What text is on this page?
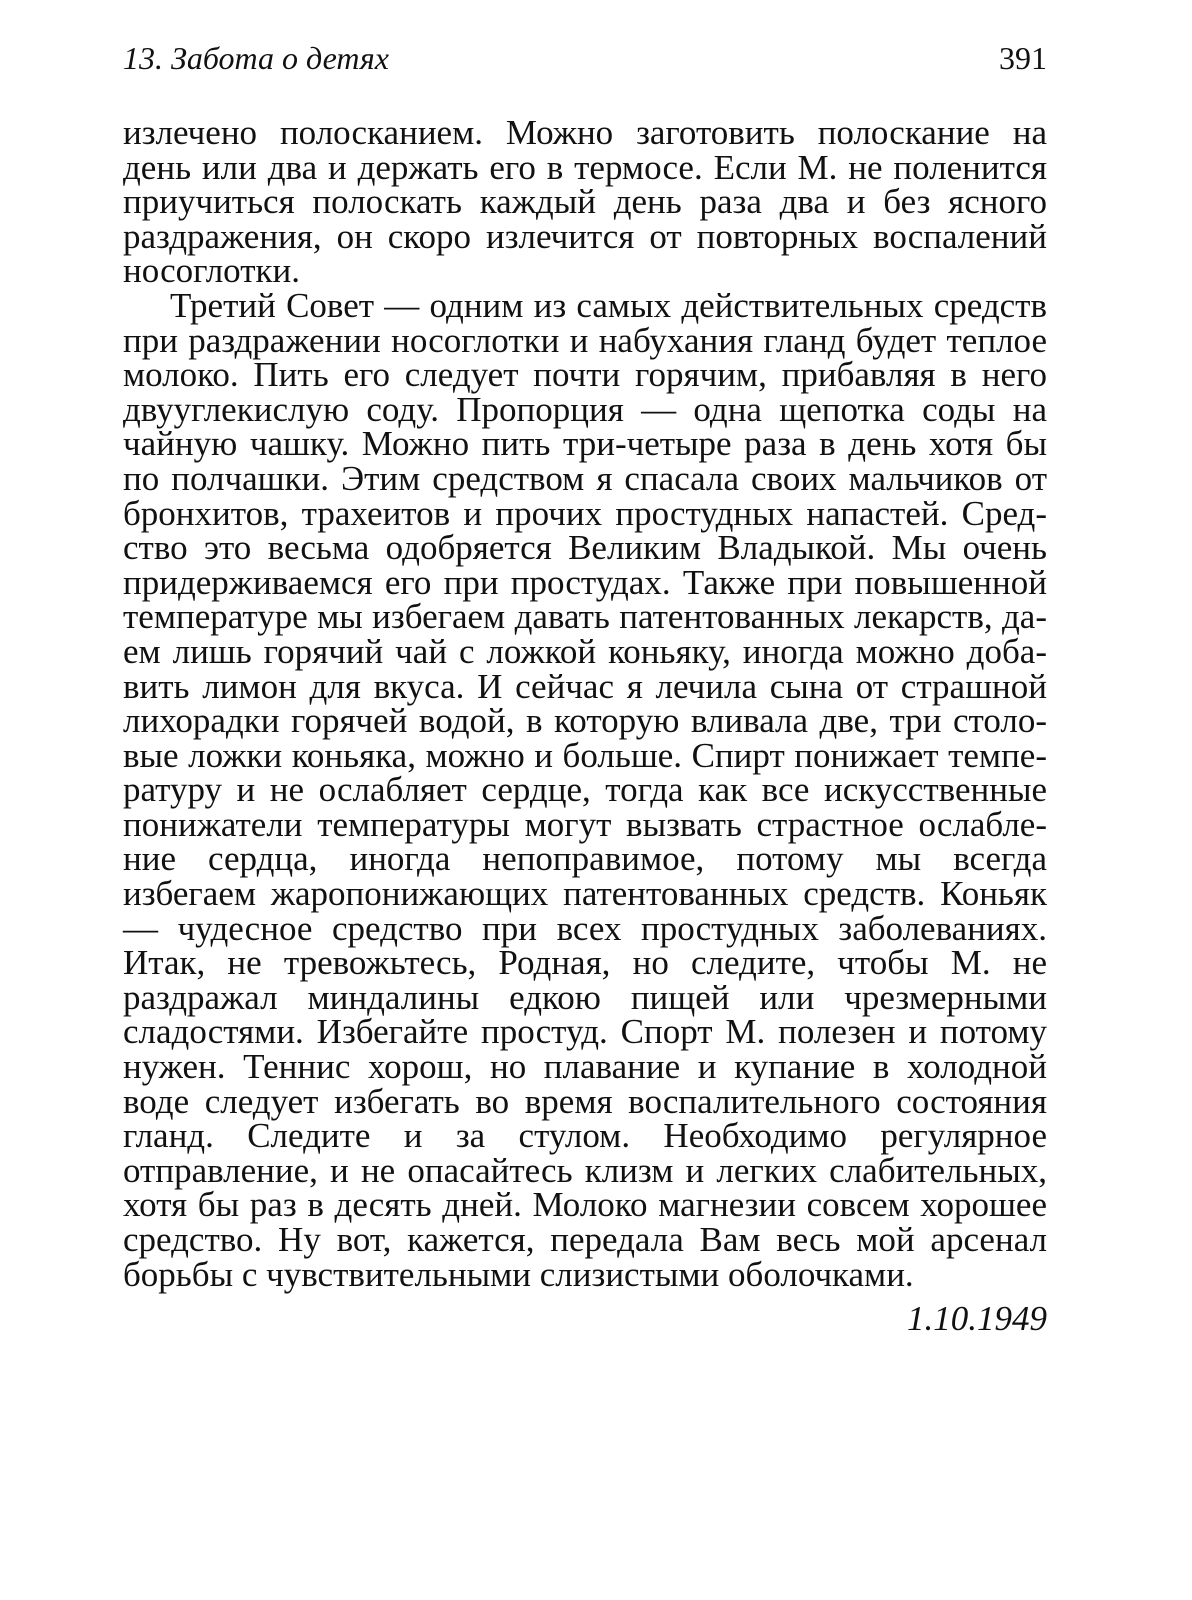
13. Забота о детях	391

излечено полосканием. Можно заготовить полоскание на день или два и держать его в термосе. Если М. не поленится приучиться полоскать каждый день раза два и без ясного раздражения, он скоро излечится от повторных воспалений носоглотки.

Третий Совет — одним из самых действительных средств при раздражении носоглотки и набухания гланд будет теплое молоко. Пить его следует почти горячим, прибавляя в него двууглекислую соду. Пропорция — одна щепотка соды на чайную чашку. Можно пить три-четыре раза в день хотя бы по полчашки. Этим средством я спасала своих мальчиков от бронхитов, трахеитов и прочих простудных напастей. Средство это весьма одобряется Великим Владыкой. Мы очень придерживаемся его при простудах. Также при повышенной температуре мы избегаем давать патентованных лекарств, даем лишь горячий чай с ложкой коньяку, иногда можно добавить лимон для вкуса. И сейчас я лечила сына от страшной лихорадки горячей водой, в которую вливала две, три столовые ложки коньяка, можно и больше. Спирт понижает температуру и не ослабляет сердце, тогда как все искусственные понижатели температуры могут вызвать страстное ослабление сердца, иногда непоправимое, потому мы всегда избегаем жаропонижающих патентованных средств. Коньяк — чудесное средство при всех простудных заболеваниях. Итак, не тревожьтесь, Родная, но следите, чтобы М. не раздражал миндалины едкою пищей или чрезмерными сладостями. Избегайте простуд. Спорт М. полезен и потому нужен. Теннис хорош, но плавание и купание в холодной воде следует избегать во время воспалительного состояния гланд. Следите и за стулом. Необходимо регулярное отправление, и не опасайтесь клизм и легких слабительных, хотя бы раз в десять дней. Молоко магнезии совсем хорошее средство. Ну вот, кажется, передала Вам весь мой арсенал борьбы с чувствительными слизистыми оболочками.

1.10.1949
